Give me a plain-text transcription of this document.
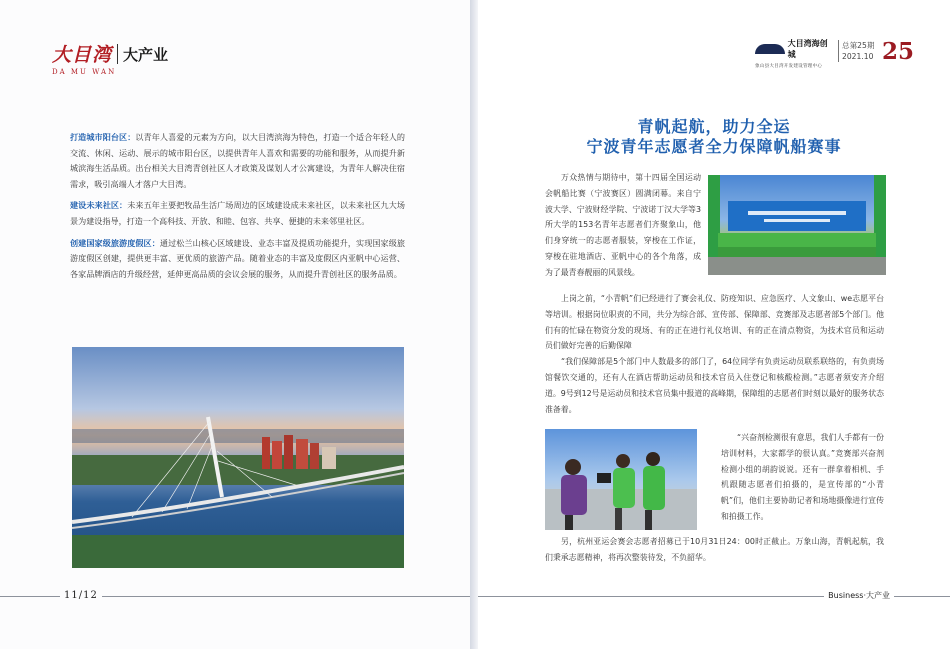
大目湾
DA MU WAN
大产业

打造城市阳台区：以青年人喜爱的元素为方向，以大目湾滨海为特色，打造一个适合年轻人的交流、休闲、运动、展示的城市阳台区，以提供青年人喜欢和需要的功能和服务，从而提升新城滨海生活品质。出台相关大目湾青创社区人才政策及谋划人才公寓建设，为青年人解决住宿需求，吸引高端人才落户大目湾。

建设未来社区：未来五年主要把牧品生活广场周边的区域建设成未来社区，以未来社区九大场景为建设指导，打造一个高科技、开放、和睦、包容、共享、便捷的未来邻里社区。

创建国家级旅游度假区：通过松兰山核心区域建设、业态丰富及提质功能提升，实现国家级旅游度假区创建，提供更丰富、更优质的旅游产品。随着业态的丰富及度假区内亚帆中心运营、各家品牌酒店的升级经营，延伸更高品质的会议会展的服务，从而提升青创社区的服务品质。

11/12
大目湾海创城
象山县大目湾开发建设管理中心
总第25期
2021.10 25
青帆起航，助力全运
宁波青年志愿者全力保障帆船赛事

万众热情与期待中，第十四届全国运动会帆船比赛（宁波赛区）圆满闭幕。来自宁波大学、宁波财经学院、宁波诺丁汉大学等3所大学的153名青年志愿者们齐聚象山，他们身穿统一的志愿者服装，穿梭在工作证，穿梭在驻地酒店、亚帆中心的各个角落，成为了最青春靓丽的风景线。

上岗之前，“小青帆”们已经进行了赛会礼仪、防疫知识、应急医疗、人文象山、we志愿平台等培训。根据岗位职责的不同，共分为综合部、宣传部、保障部、竞赛部及志愿者部5个部门。他们有的忙碌在物资分发的现场、有的正在进行礼仪培训、有的正在清点物资，为技术官员和运动员们做好完善的后勤保障

“我们保障部是5个部门中人数最多的部门了，64位同学有负责运动员联系联络的，有负责场馆餐饮交通的，还有人在酒店帮助运动员和技术官员入住登记和核酸检测。”志愿者须安齐介绍道。9号到12号是运动员和技术官员集中报道的高峰期，保障组的志愿者们时刻以最好的服务状态准备着。

“兴奋剂检测很有意思，我们人手都有一份培训材料，大家都学的很认真。”竞赛部兴奋剂检测小组的胡韵说说。还有一群拿着相机、手机跟随志愿者们拍摄的，是宣传部的“小青帆”们，他们主要协助记者和场地摄像进行宣传和拍摄工作。

另，杭州亚运会赛会志愿者招募已于10月31日24：00时正截止。万象山海，青帆起航，我们秉承志愿精神，将再次整装待发，不负韶华。

Business·大产业
